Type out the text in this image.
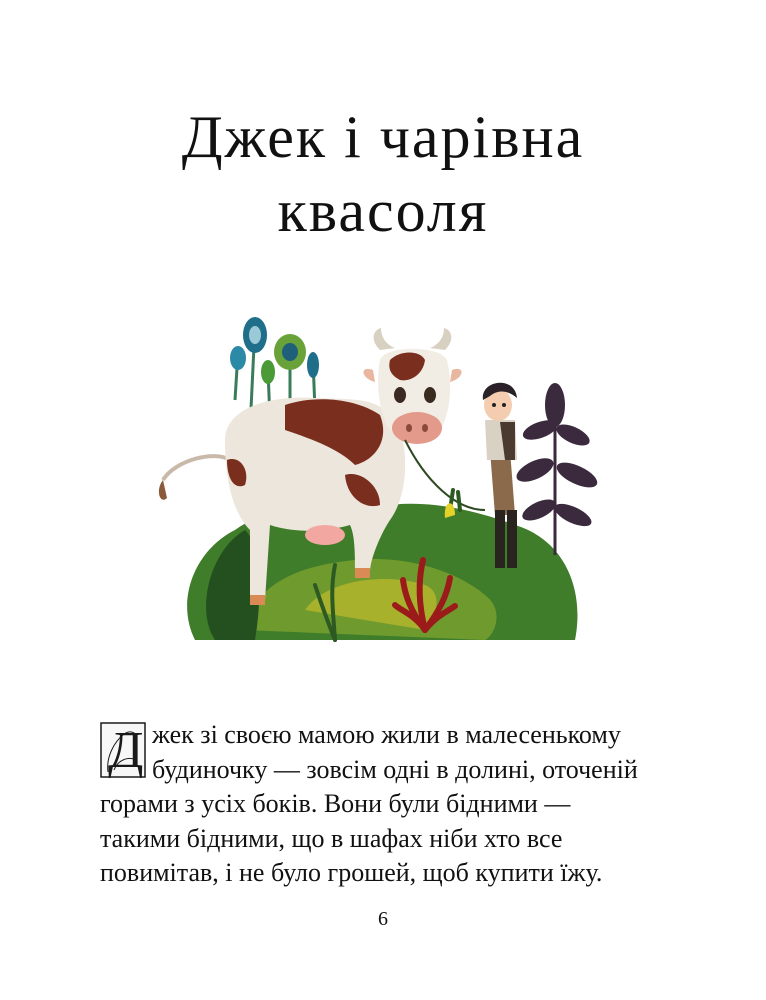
Джек і чарівна
квасоля
Д жек зі своєю мамою жили в малесенькому
будиночку — зовсім одні в долині, оточеній
горами з усіх боків. Вони були бідними —
такими бідними, що в шафах ніби хто все
повимітав, і не було грошей, щоб купити їжу.
6
